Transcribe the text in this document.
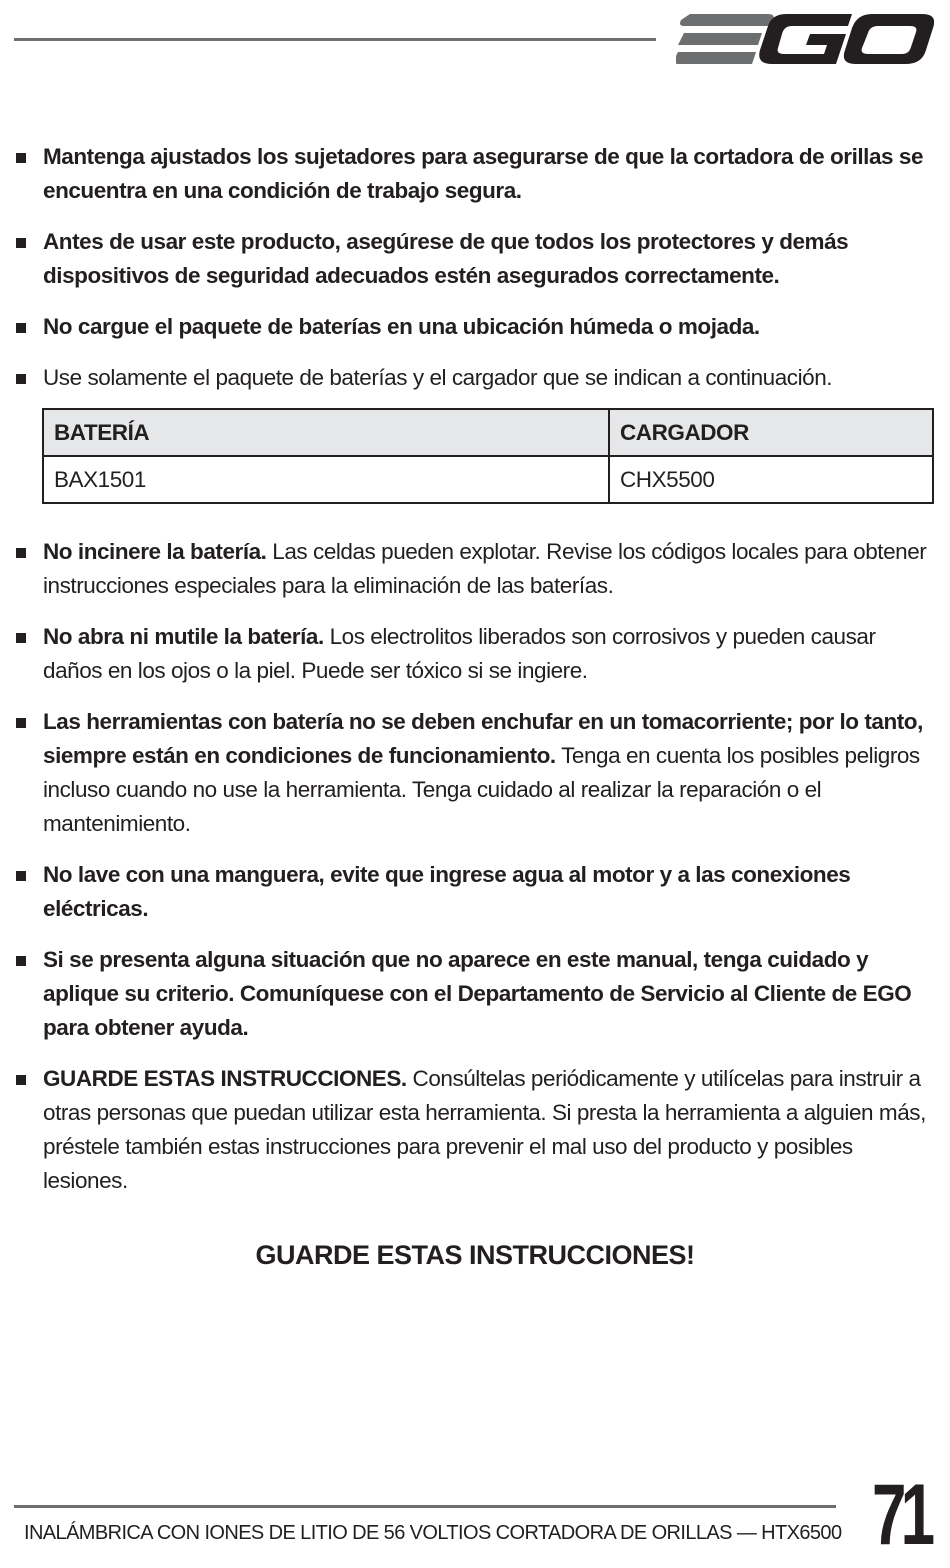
Mantenga ajustados los sujetadores para asegurarse de que la cortadora de orillas se encuentra en una condición de trabajo segura.
Antes de usar este producto, asegúrese de que todos los protectores y demás dispositivos de seguridad adecuados estén asegurados correctamente.
No cargue el paquete de baterías en una ubicación húmeda o mojada.
Use solamente el paquete de baterías y el cargador que se indican a continuación.
BATERÍA	CARGADOR
BAX1501	CHX5500
No incinere la batería. Las celdas pueden explotar. Revise los códigos locales para obtener instrucciones especiales para la eliminación de las baterías.
No abra ni mutile la batería. Los electrolitos liberados son corrosivos y pueden causar daños en los ojos o la piel. Puede ser tóxico si se ingiere.
Las herramientas con batería no se deben enchufar en un tomacorriente; por lo tanto, siempre están en condiciones de funcionamiento. Tenga en cuenta los posibles peligros incluso cuando no use la herramienta. Tenga cuidado al realizar la reparación o el mantenimiento.
No lave con una manguera, evite que ingrese agua al motor y a las conexiones eléctricas.
Si se presenta alguna situación que no aparece en este manual, tenga cuidado y aplique su criterio. Comuníquese con el Departamento de Servicio al Cliente de EGO para obtener ayuda.
GUARDE ESTAS INSTRUCCIONES. Consúltelas periódicamente y utilícelas para instruir a otras personas que puedan utilizar esta herramienta. Si presta la herramienta a alguien más, préstele también estas instrucciones para prevenir el mal uso del producto y posibles lesiones.
GUARDE ESTAS INSTRUCCIONES!
INALÁMBRICA CON IONES DE LITIO DE 56 VOLTIOS CORTADORA DE ORILLAS — HTX6500 71
